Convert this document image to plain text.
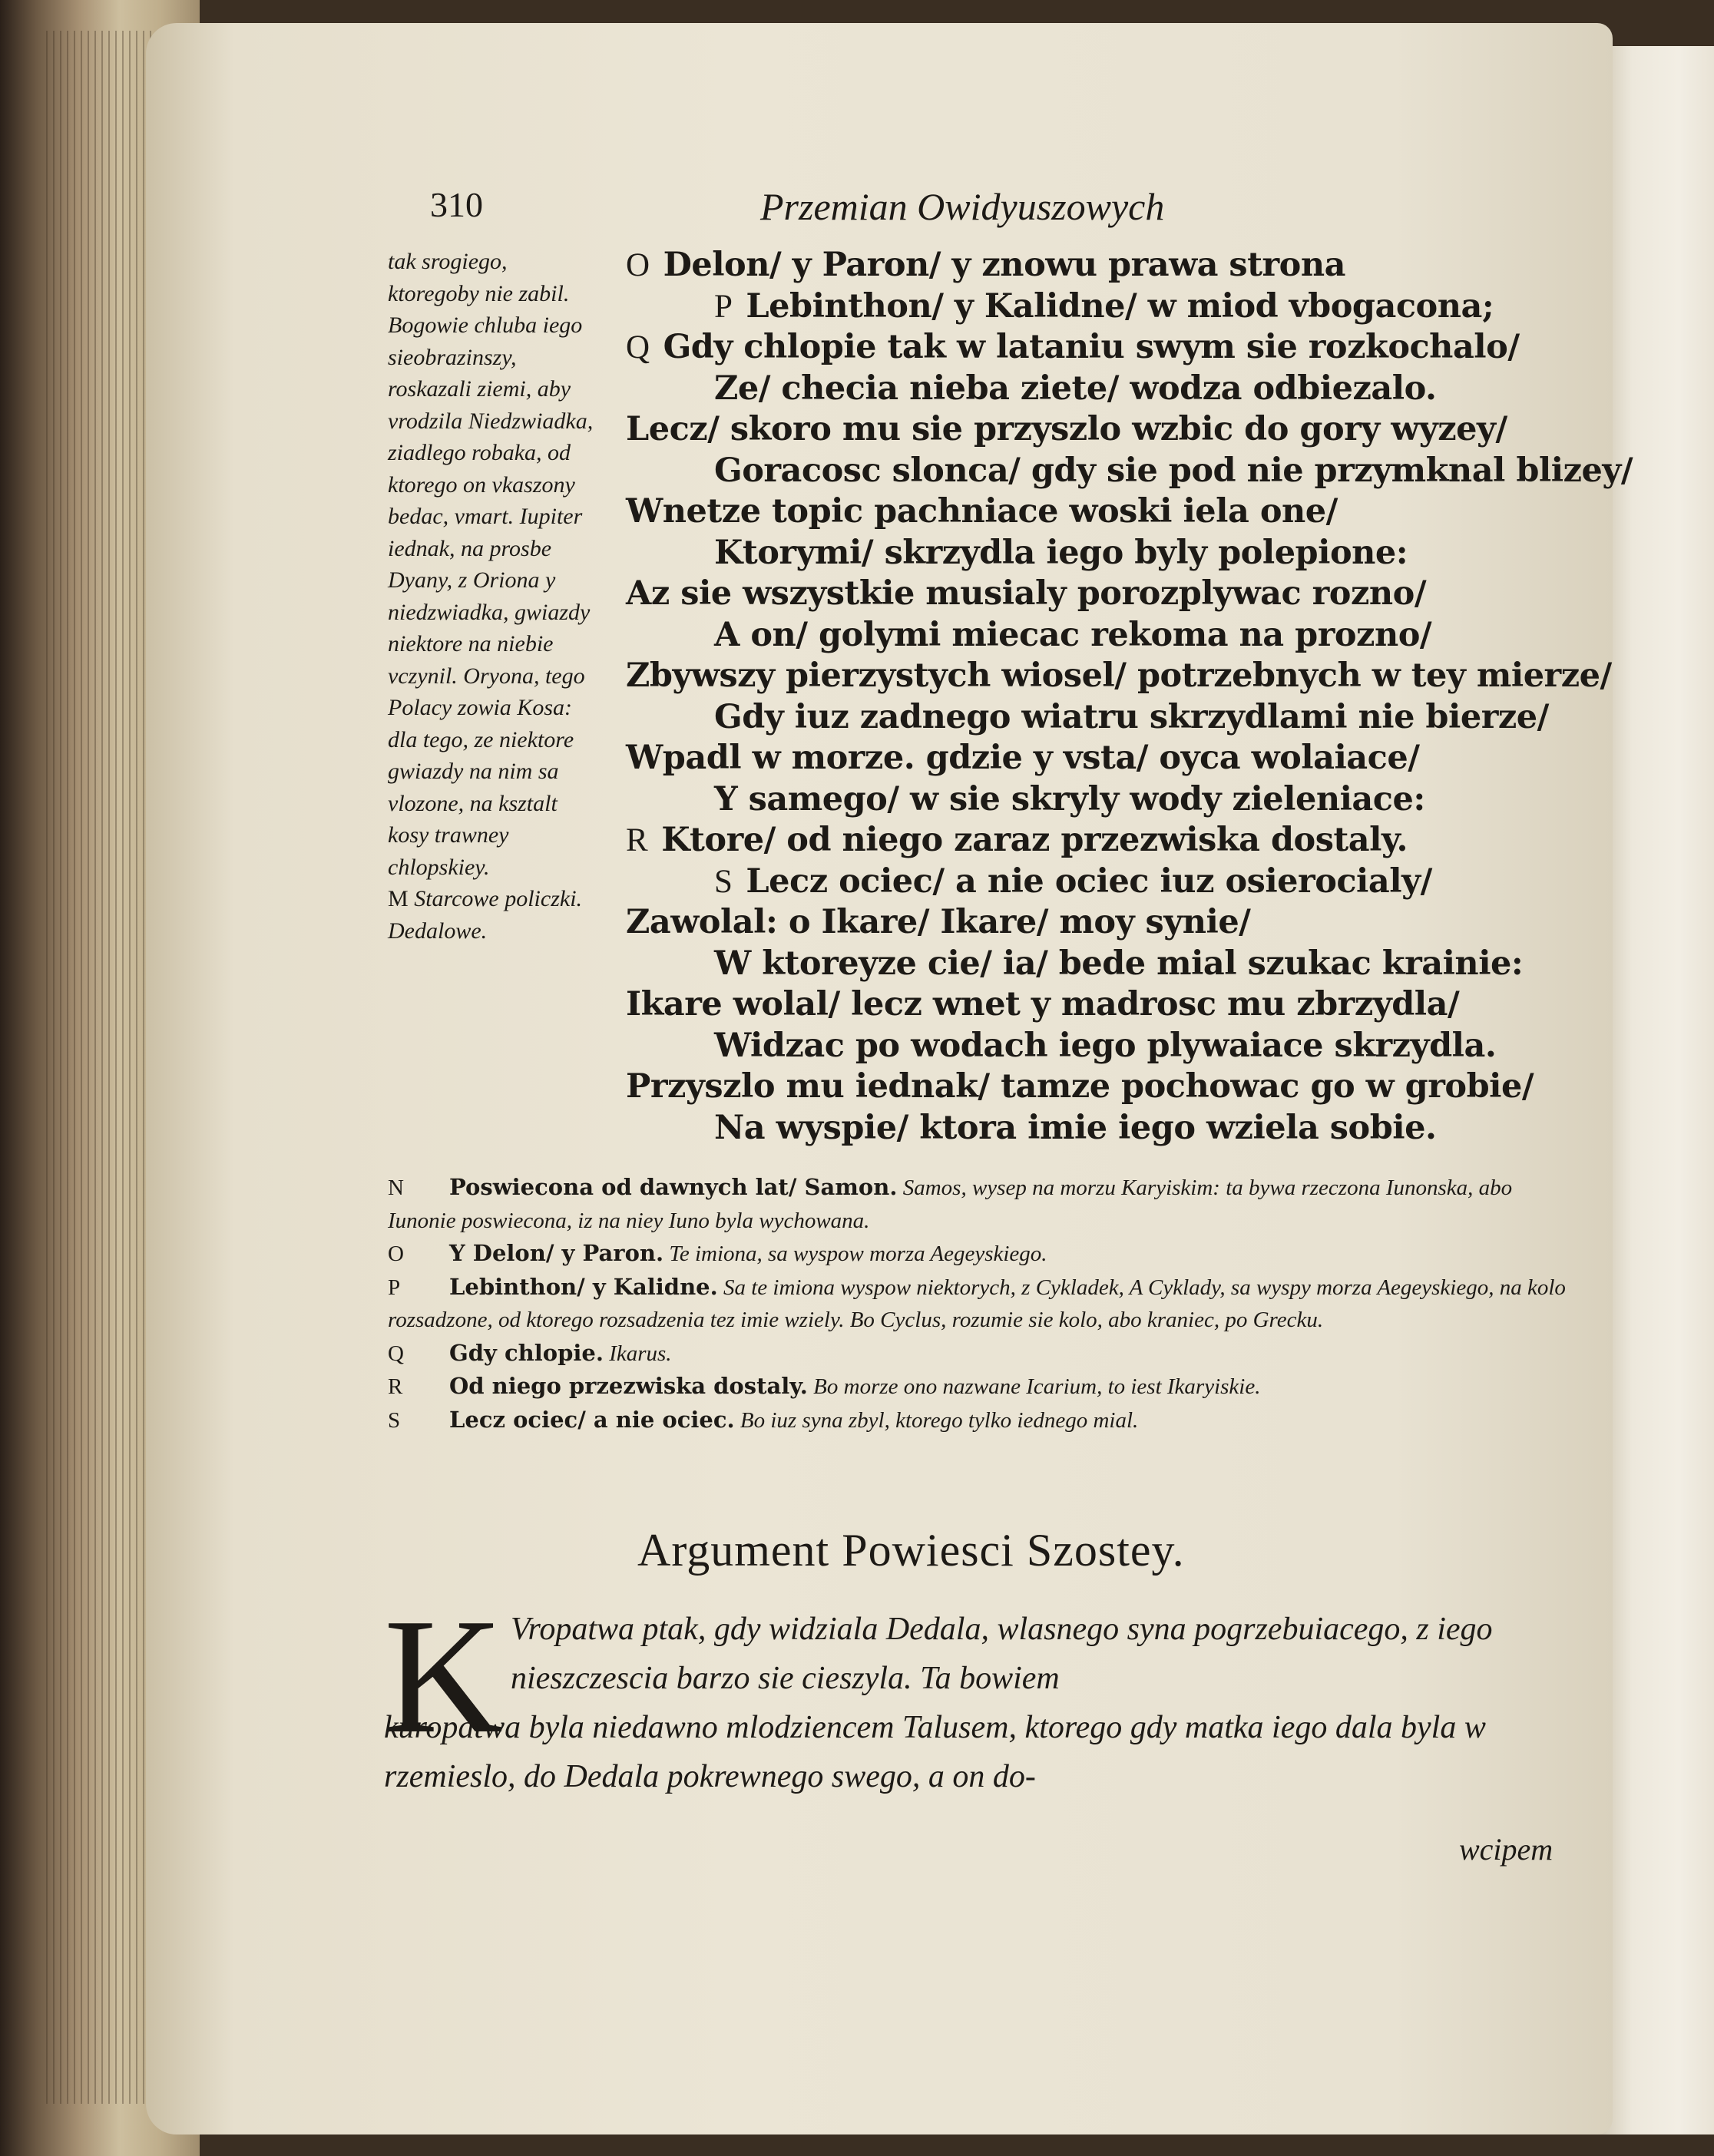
310	Przemian Owidyuszowych
tak srogiego, ktoregoby nie zabil. Bogowie chluba iego sieobrazinszy, roskazali ziemi, aby vrodzila Niedzwiadka, ziadlego robaka, od ktorego on vkaszony bedac, vmart. Iupiter iednak, na prosbe Dyany, z Oriona y niedzwiadka, gwiazdy niektore na niebie vczynil. Oryona, tego Polacy zowia Kosa: dla tego, ze niektore gwiazdy na nim sa vlozone, na ksztalt kosy trawney chlopskiey.
M Starcowe policzki. Dedalowe.
N Poswiecona od dawnych lat/ Samon. Samos, wysep na morzu Karyiskim: ta bywa rzeczona Iunonska, abo Iunonie poswiecona, iz na niey Iuno byla wychowana.
O Y Delon/ y Paron. Te imiona, sa wyspow morza Aegeyskiego.
P Lebinthon/ y Kalidne. Sa te imiona wyspow niektorych, z Cykladek, A Cyklady, sa wyspy morza Aegeyskiego, na kolo rozsadzone, od ktorego rozsadzenia tez imie wziely. Bo Cyclus, rozumie sie kolo, abo kraniec, po Grecku.
Q Gdy chlopie. Ikarus.
R Od niego przezwiska dostaly. Bo morze ono nazwane Icarium, to iest Ikaryiskie.
S Lecz ociec/ a nie ociec. Bo iuz syna zbyl, ktorego tylko iednego mial.
Argument Powiesci Szostey.
K Vropatwa ptak, gdy widziala Dedala, wlasnego syna pogrzebuiacego, z iego nieszczescia barzo sie cieszyla. Ta bowiem
kuropatwa byla niedawno mlodziencem Talusem, ktorego gdy matka iego dala byla w rzemieslo, do Dedala pokrewnego swego, a on do-
wcipem
O Delon/ y Paron/ y znowu prawa strona
P Lebinthon/ y Kalidne/ w miod vbogacona;
Q Gdy chlopie tak w lataniu swym sie rozkochalo/
Ze/ checia nieba ziete/ wodza odbiezalo.
Lecz/ skoro mu sie przyszlo wzbic do gory wyzey/
Goracosc slonca/ gdy sie pod nie przymknal blizey/
Wnetze topic pachniace woski iela one/
Ktorymi/ skrzydla iego byly polepione:
Az sie wszystkie musialy porozplywac rozno/
A on/ golymi miecac rekoma na prozno/
Zbywszy pierzystych wiosel/ potrzebnych w tey mierze/
Gdy iuz zadnego wiatru skrzydlami nie bierze/
Wpadl w morze. gdzie y vsta/ oyca wolaiace/
Y samego/ w sie skryly wody zieleniace:
R Ktore/ od niego zaraz przezwiska dostaly.
S Lecz ociec/ a nie ociec iuz osierocialy/
Zawolal: o Ikare/ Ikare/ moy synie/
W ktoreyze cie/ ia/ bede mial szukac krainie:
Ikare wolal/ lecz wnet y madrosc mu zbrzydla/
Widzac po wodach iego plywaiace skrzydla.
Przyszlo mu iednak/ tamze pochowac go w grobie/
Na wyspie/ ktora imie iego wziela sobie.
